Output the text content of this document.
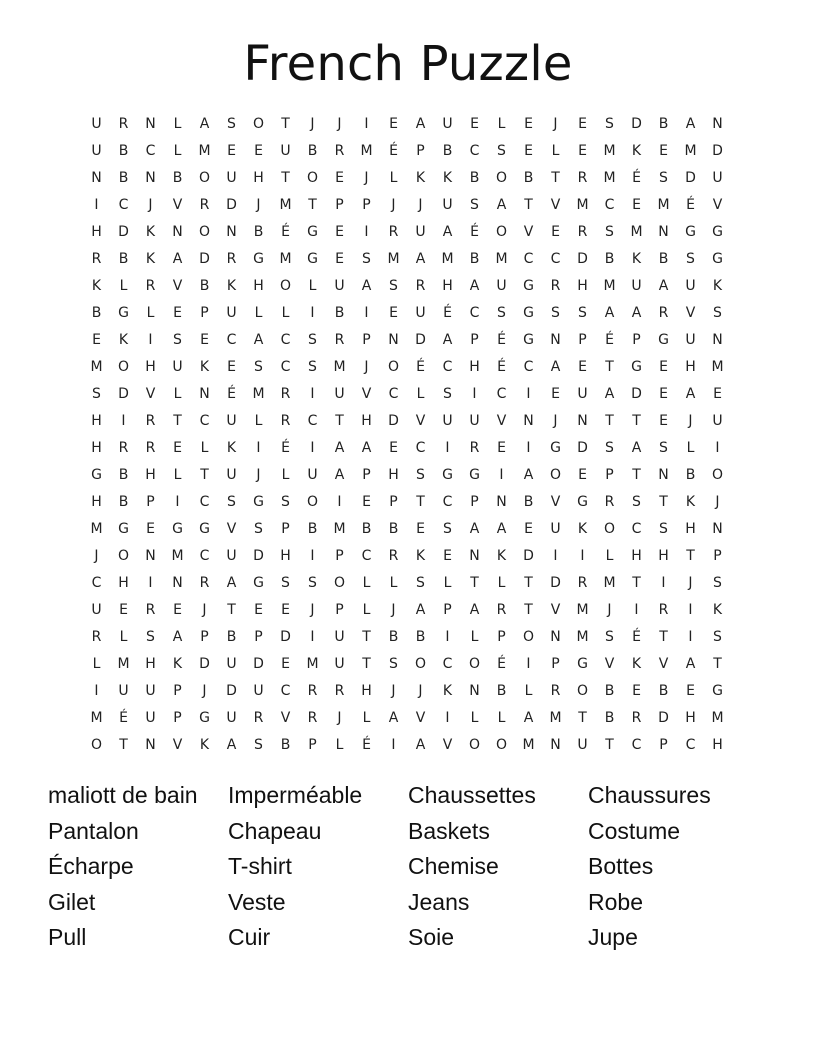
French Puzzle
U	R	N	L	A	S	O	T	J	J	I	E	A	U	E	L	E	J	E	S	D	B	A	N
U	B	C	L	M	E	E	U	B	R	M	É	P	B	C	S	E	L	E	M	K	E	M	D
N	B	N	B	O	U	H	T	O	E	J	L	K	K	B	O	B	T	R	M	É	S	D	U
I	C	J	V	R	D	J	M	T	P	P	J	J	U	S	A	T	V	M	C	E	M	É	V
H	D	K	N	O	N	B	É	G	E	I	R	U	A	É	O	V	E	R	S	M	N	G	G
R	B	K	A	D	R	G	M	G	E	S	M	A	M	B	M	C	C	D	B	K	B	S	G
K	L	R	V	B	K	H	O	L	U	A	S	R	H	A	U	G	R	H	M	U	A	U	K
B	G	L	E	P	U	L	L	I	B	I	E	U	É	C	S	G	S	S	A	A	R	V	S
E	K	I	S	E	C	A	C	S	R	P	N	D	A	P	É	G	N	P	É	P	G	U	N
M	O	H	U	K	E	S	C	S	M	J	O	É	C	H	É	C	A	E	T	G	E	H	M
S	D	V	L	N	É	M	R	I	U	V	C	L	S	I	C	I	E	U	A	D	E	A	E
H	I	R	T	C	U	L	R	C	T	H	D	V	U	U	V	N	J	N	T	T	E	J	U
H	R	R	E	L	K	I	É	I	A	A	E	C	I	R	E	I	G	D	S	A	S	L	I
G	B	H	L	T	U	J	L	U	A	P	H	S	G	G	I	A	O	E	P	T	N	B	O
H	B	P	I	C	S	G	S	O	I	E	P	T	C	P	N	B	V	G	R	S	T	K	J
M	G	E	G	G	V	S	P	B	M	B	B	E	S	A	A	E	U	K	O	C	S	H	N
J	O	N	M	C	U	D	H	I	P	C	R	K	E	N	K	D	I	I	L	H	H	T	P
C	H	I	N	R	A	G	S	S	O	L	L	S	L	T	L	T	D	R	M	T	I	J	S
U	E	R	E	J	T	E	E	J	P	L	J	A	P	A	R	T	V	M	J	I	R	I	K
R	L	S	A	P	B	P	D	I	U	T	B	B	I	L	P	O	N	M	S	É	T	I	S
L	M	H	K	D	U	D	E	M	U	T	S	O	C	O	É	I	P	G	V	K	V	A	T
I	U	U	P	J	D	U	C	R	R	H	J	J	K	N	B	L	R	O	B	E	B	E	G
M	É	U	P	G	U	R	V	R	J	L	A	V	I	L	L	A	M	T	B	R	D	H	M
O	T	N	V	K	A	S	B	P	L	É	I	A	V	O	O	M	N	U	T	C	P	C	H
maliott de bain	Imperméable	Chaussettes	Chaussures
Pantalon	Chapeau	Baskets	Costume
Écharpe	T-shirt	Chemise	Bottes
Gilet	Veste	Jeans	Robe
Pull	Cuir	Soie	Jupe
